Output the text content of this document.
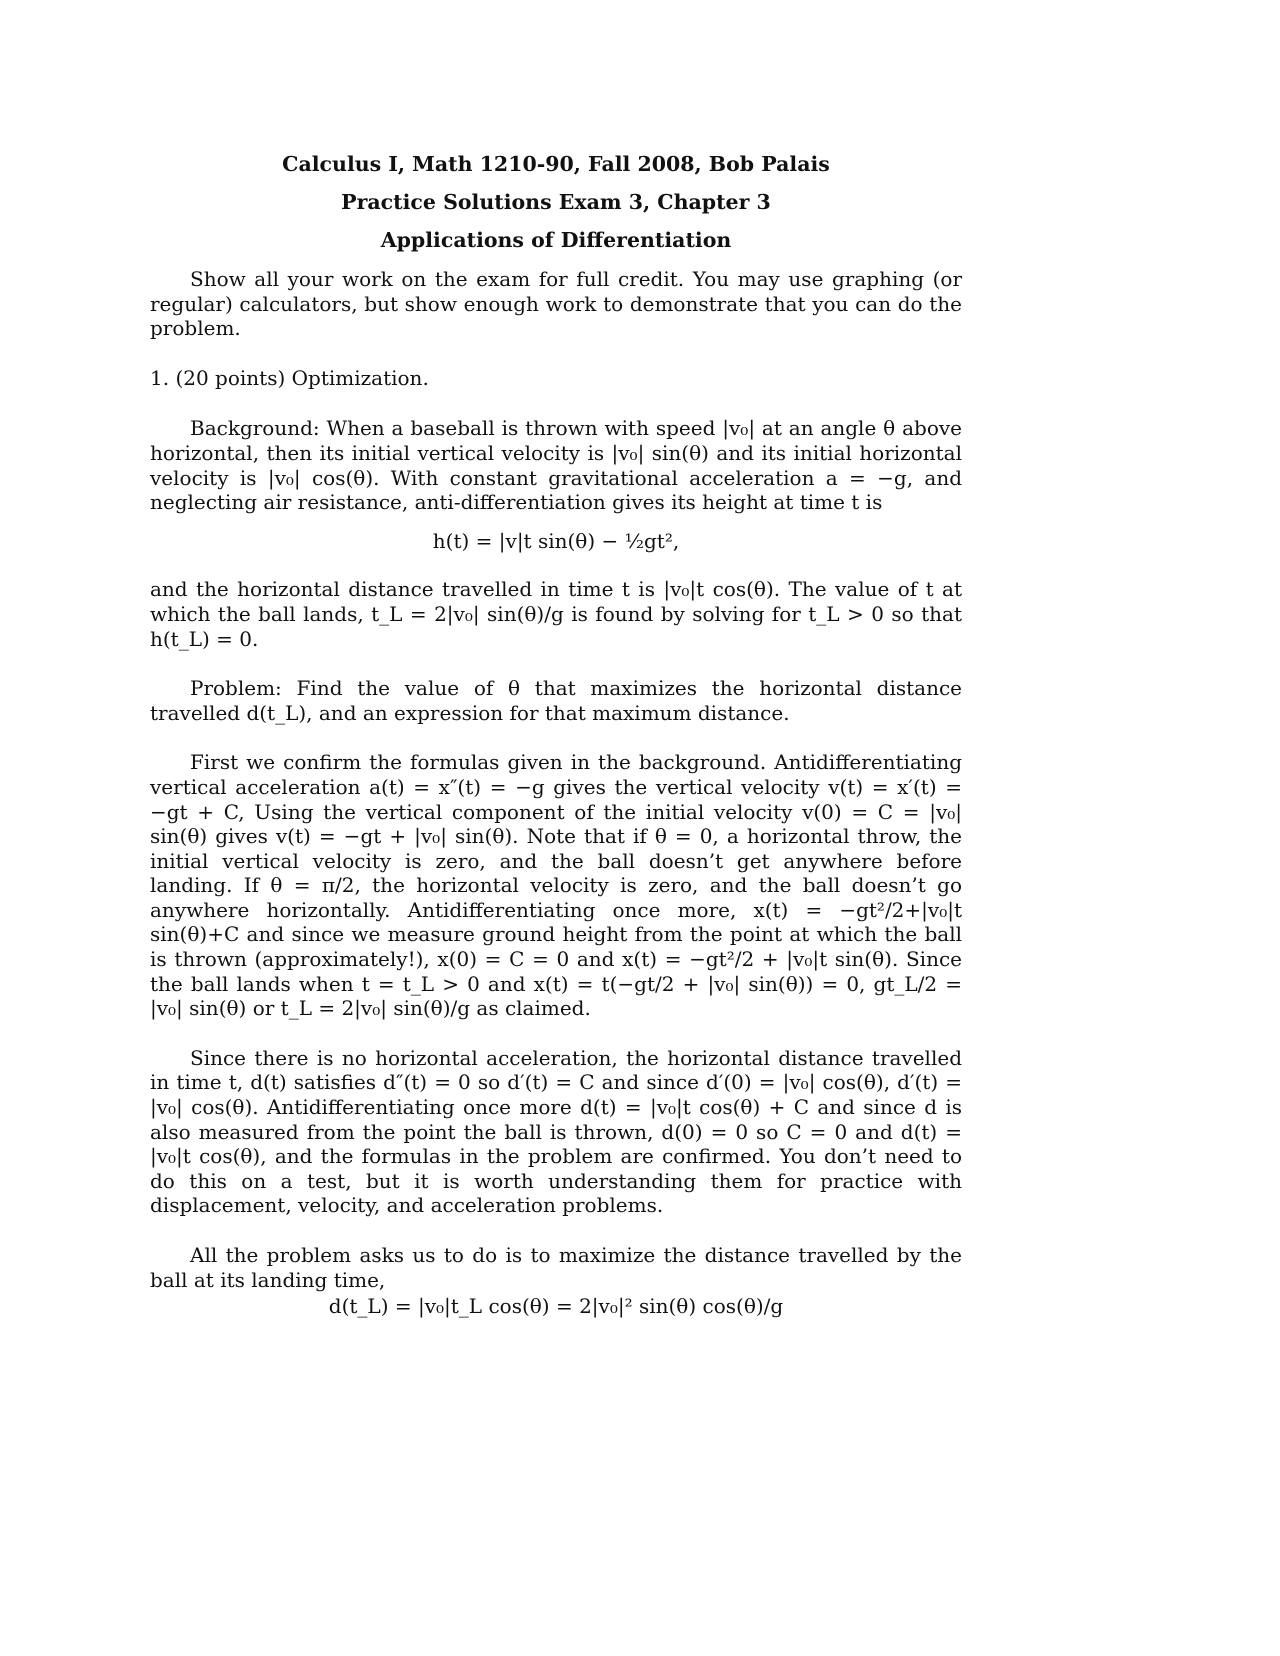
Calculus I, Math 1210-90, Fall 2008, Bob Palais
Practice Solutions Exam 3, Chapter 3
Applications of Differentiation

Show all your work on the exam for full credit. You may use graphing (or regular) calculators, but show enough work to demonstrate that you can do the problem.

1. (20 points) Optimization.

Background: When a baseball is thrown with speed |v₀| at an angle θ above horizontal, then its initial vertical velocity is |v₀| sin(θ) and its initial horizontal velocity is |v₀| cos(θ). With constant gravitational acceleration a = −g, and neglecting air resistance, anti-differentiation gives its height at time t is

h(t) = |v|t sin(θ) − ½gt²,

and the horizontal distance travelled in time t is |v₀|t cos(θ). The value of t at which the ball lands, t_L = 2|v₀| sin(θ)/g is found by solving for t_L > 0 so that h(t_L) = 0.

Problem: Find the value of θ that maximizes the horizontal distance travelled d(t_L), and an expression for that maximum distance.

First we confirm the formulas given in the background. Antidifferentiating vertical acceleration a(t) = x″(t) = −g gives the vertical velocity v(t) = x′(t) = −gt + C, Using the vertical component of the initial velocity v(0) = C = |v₀| sin(θ) gives v(t) = −gt + |v₀| sin(θ). Note that if θ = 0, a horizontal throw, the initial vertical velocity is zero, and the ball doesn’t get anywhere before landing. If θ = π/2, the horizontal velocity is zero, and the ball doesn’t go anywhere horizontally. Antidifferentiating once more, x(t) = −gt²/2+|v₀|t sin(θ)+C and since we measure ground height from the point at which the ball is thrown (approximately!), x(0) = C = 0 and x(t) = −gt²/2 + |v₀|t sin(θ). Since the ball lands when t = t_L > 0 and x(t) = t(−gt/2 + |v₀| sin(θ)) = 0, gt_L/2 = |v₀| sin(θ) or t_L = 2|v₀| sin(θ)/g as claimed.

Since there is no horizontal acceleration, the horizontal distance travelled in time t, d(t) satisfies d″(t) = 0 so d′(t) = C and since d′(0) = |v₀| cos(θ), d′(t) = |v₀| cos(θ). Antidifferentiating once more d(t) = |v₀|t cos(θ) + C and since d is also measured from the point the ball is thrown, d(0) = 0 so C = 0 and d(t) = |v₀|t cos(θ), and the formulas in the problem are confirmed. You don’t need to do this on a test, but it is worth understanding them for practice with displacement, velocity, and acceleration problems.

All the problem asks us to do is to maximize the distance travelled by the ball at its landing time,

d(t_L) = |v₀|t_L cos(θ) = 2|v₀|² sin(θ) cos(θ)/g
